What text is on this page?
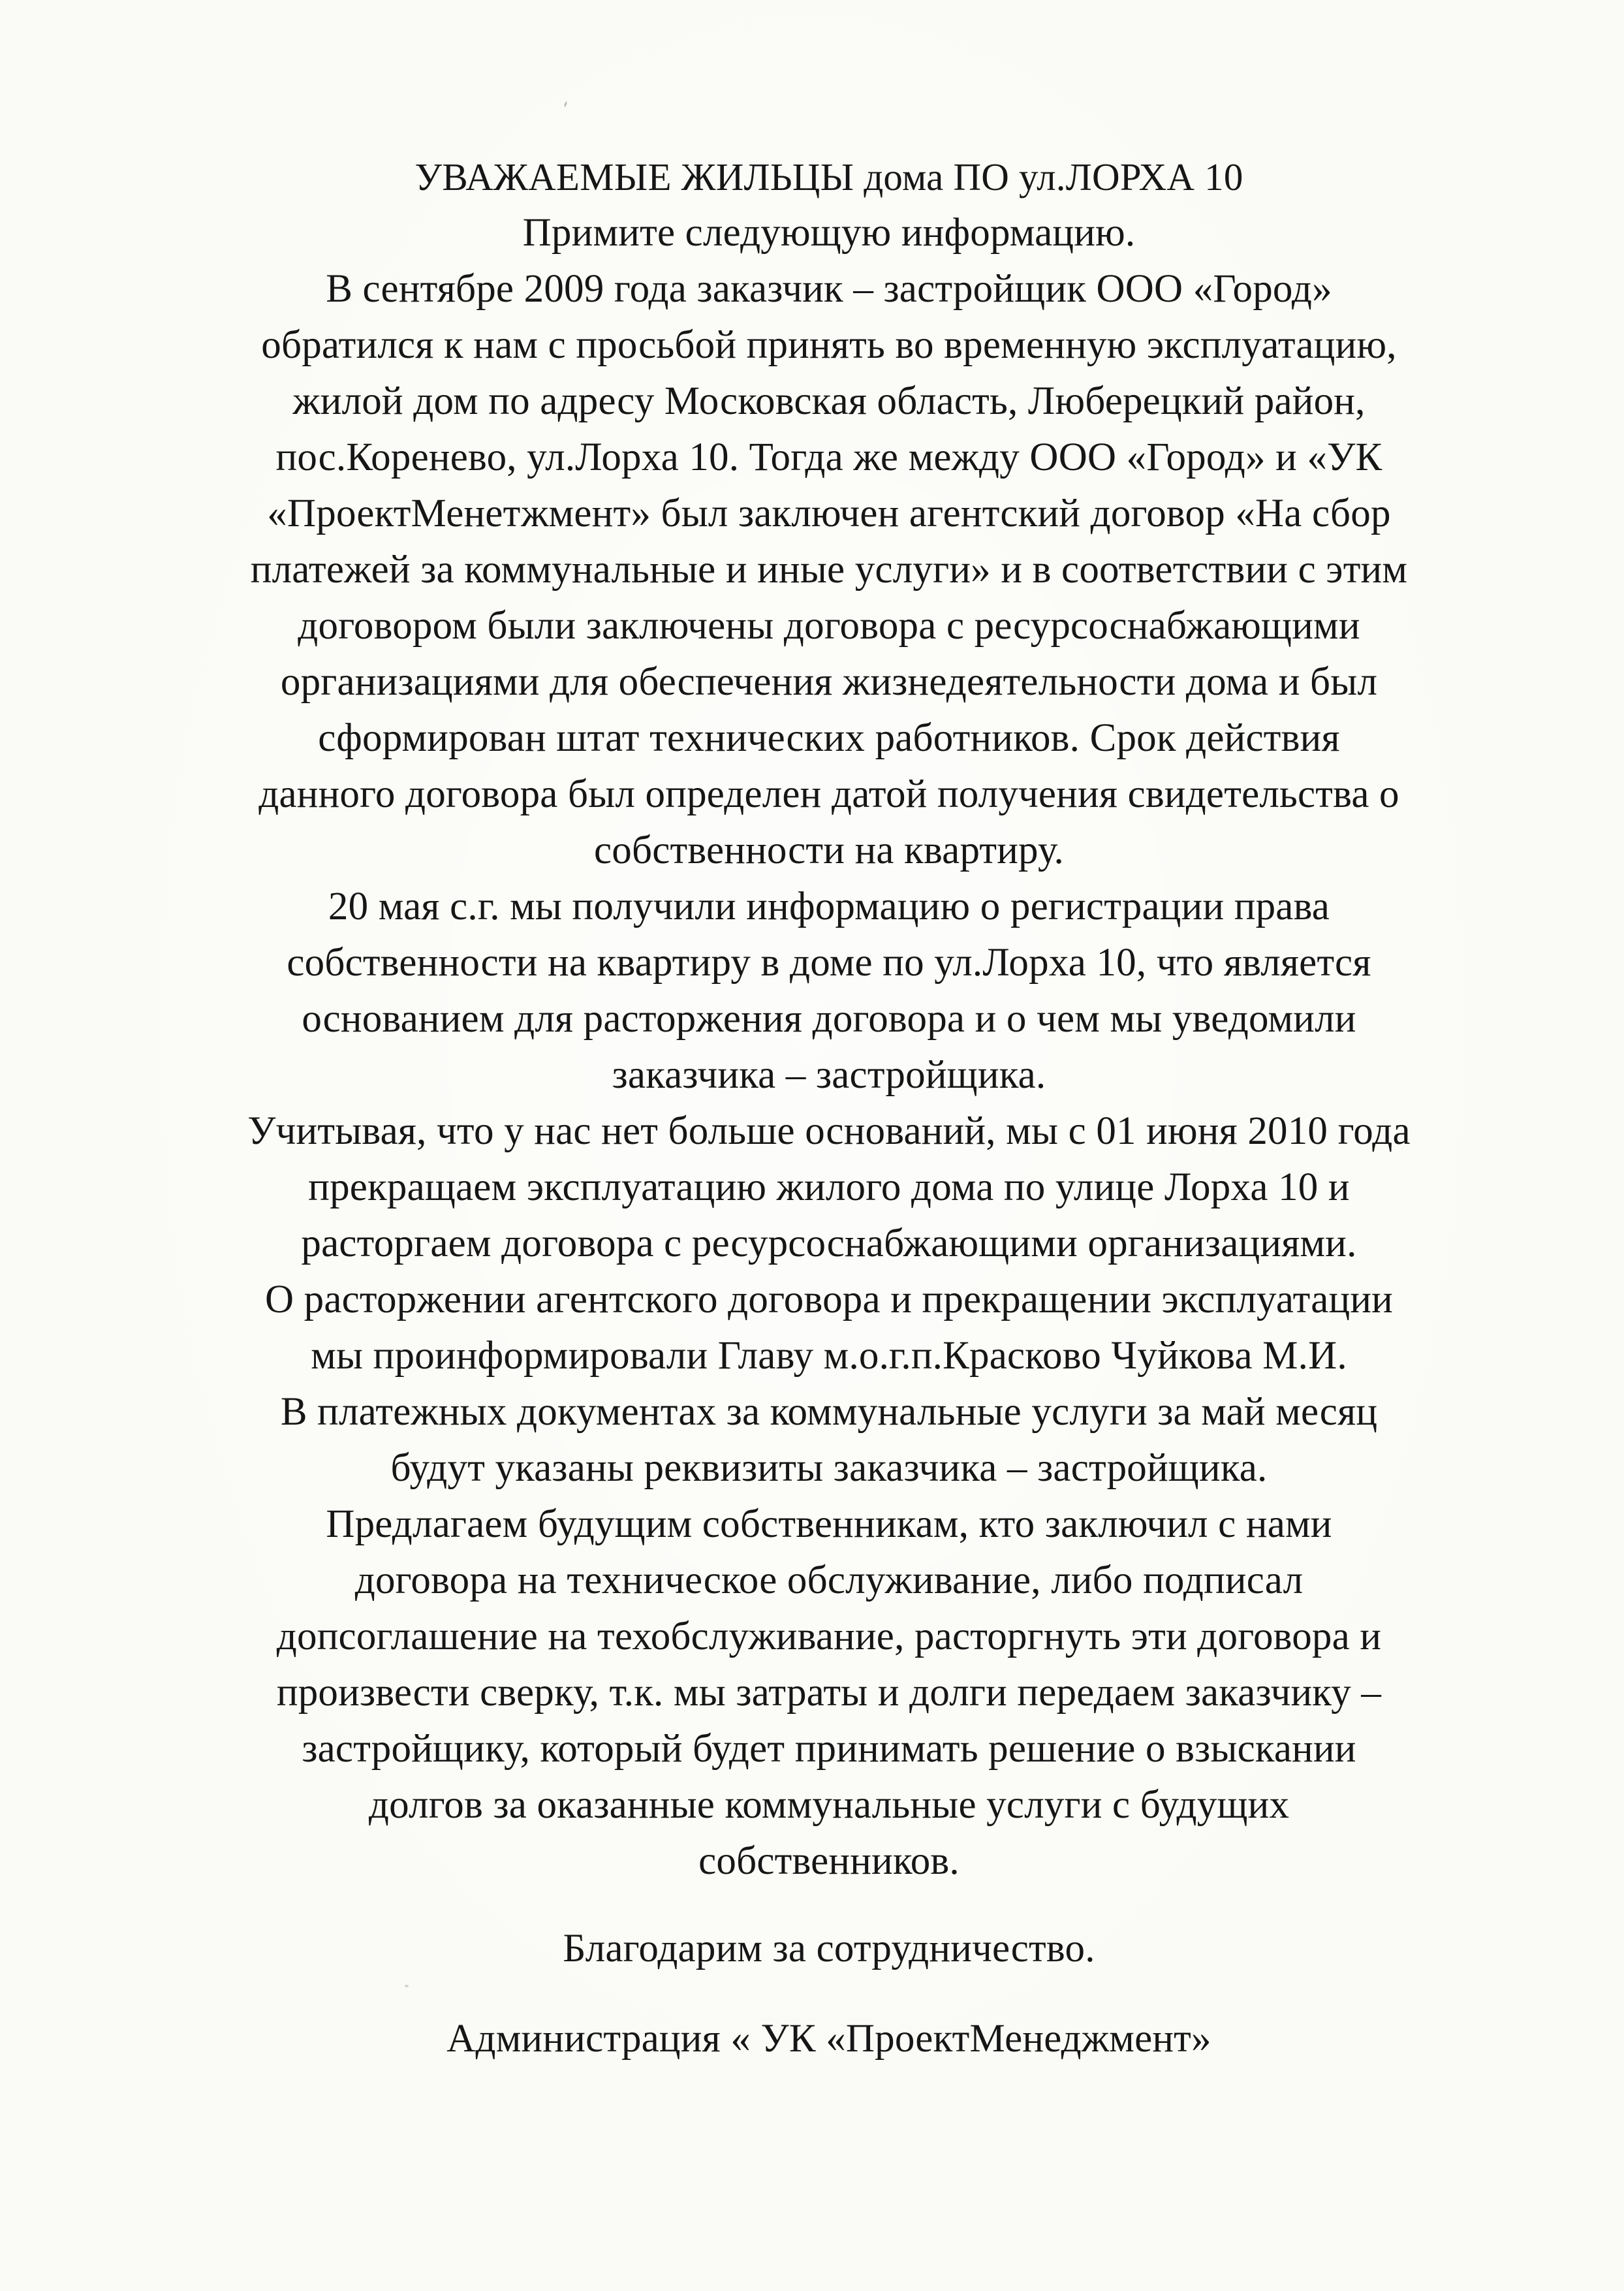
УВАЖАЕМЫЕ ЖИЛЬЦЫ дома ПО ул.ЛОРХА 10
Примите следующую информацию.
В сентябре 2009 года заказчик – застройщик ООО «Город»
обратился к нам с просьбой принять во временную эксплуатацию,
жилой дом по адресу Московская область, Люберецкий район,
пос.Коренево, ул.Лорха 10. Тогда же между ООО «Город» и «УК
«ПроектМенетжмент» был заключен агентский договор «На сбор
платежей за коммунальные и иные услуги» и в соответствии с этим
договором были заключены договора с ресурсоснабжающими
организациями для обеспечения жизнедеятельности дома и был
сформирован штат технических работников. Срок действия
данного договора был определен датой получения свидетельства о
собственности на квартиру.
20 мая с.г. мы получили информацию о регистрации права
собственности на квартиру в доме по ул.Лорха 10, что является
основанием для расторжения договора и о чем мы уведомили
заказчика – застройщика.
Учитывая, что у нас нет больше оснований, мы с 01 июня 2010 года
прекращаем эксплуатацию жилого дома по улице Лорха 10 и
расторгаем договора с ресурсоснабжающими организациями.
О расторжении агентского договора и прекращении эксплуатации
мы проинформировали Главу м.о.г.п.Красково Чуйкова М.И.
В платежных документах за коммунальные услуги за май месяц
будут указаны реквизиты заказчика – застройщика.
Предлагаем будущим собственникам, кто заключил с нами
договора на техническое обслуживание, либо подписал
допсоглашение на техобслуживание, расторгнуть эти договора и
произвести сверку, т.к. мы затраты и долги передаем заказчику –
застройщику, который будет принимать решение о взыскании
долгов за оказанные коммунальные услуги с будущих
собственников.
Благодарим за сотрудничество.
Администрация « УК «ПроектМенеджмент»
